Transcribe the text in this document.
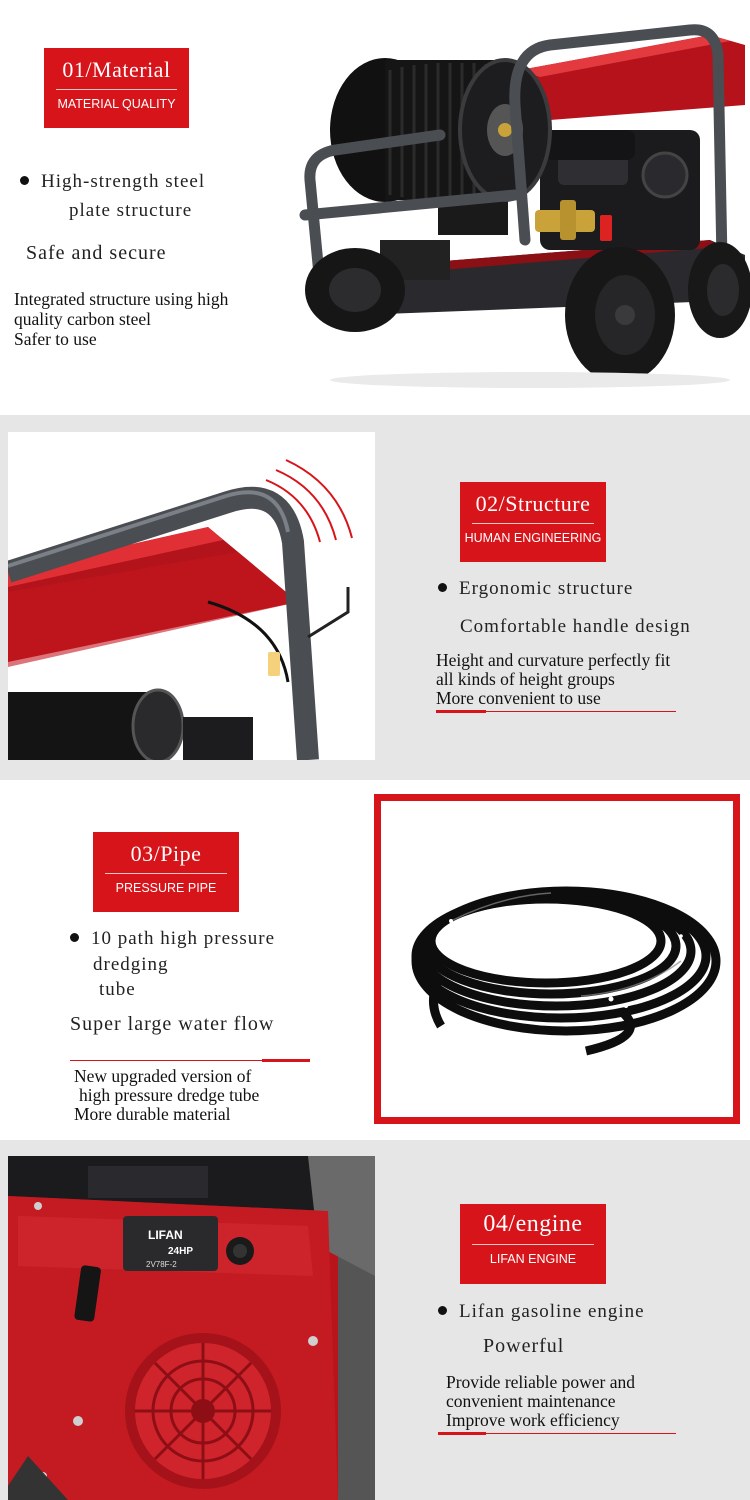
01/Material
MATERIAL QUALITY
High-strength steel
plate structure
Safe and secure
Integrated structure using high
quality carbon steel
Safer to use
02/Structure
HUMAN ENGINEERING
Ergonomic structure
Comfortable handle design
Height and curvature perfectly fit
all kinds of height groups
More convenient to use
03/Pipe
PRESSURE PIPE
10 path high pressure
dredging
tube
Super large water flow
New upgraded version of
high pressure dredge tube
More durable material
LIFAN
24HP
2V78F-2
04/engine
LIFAN ENGINE
Lifan gasoline engine
Powerful
Provide reliable power and
convenient maintenance
Improve work efficiency
